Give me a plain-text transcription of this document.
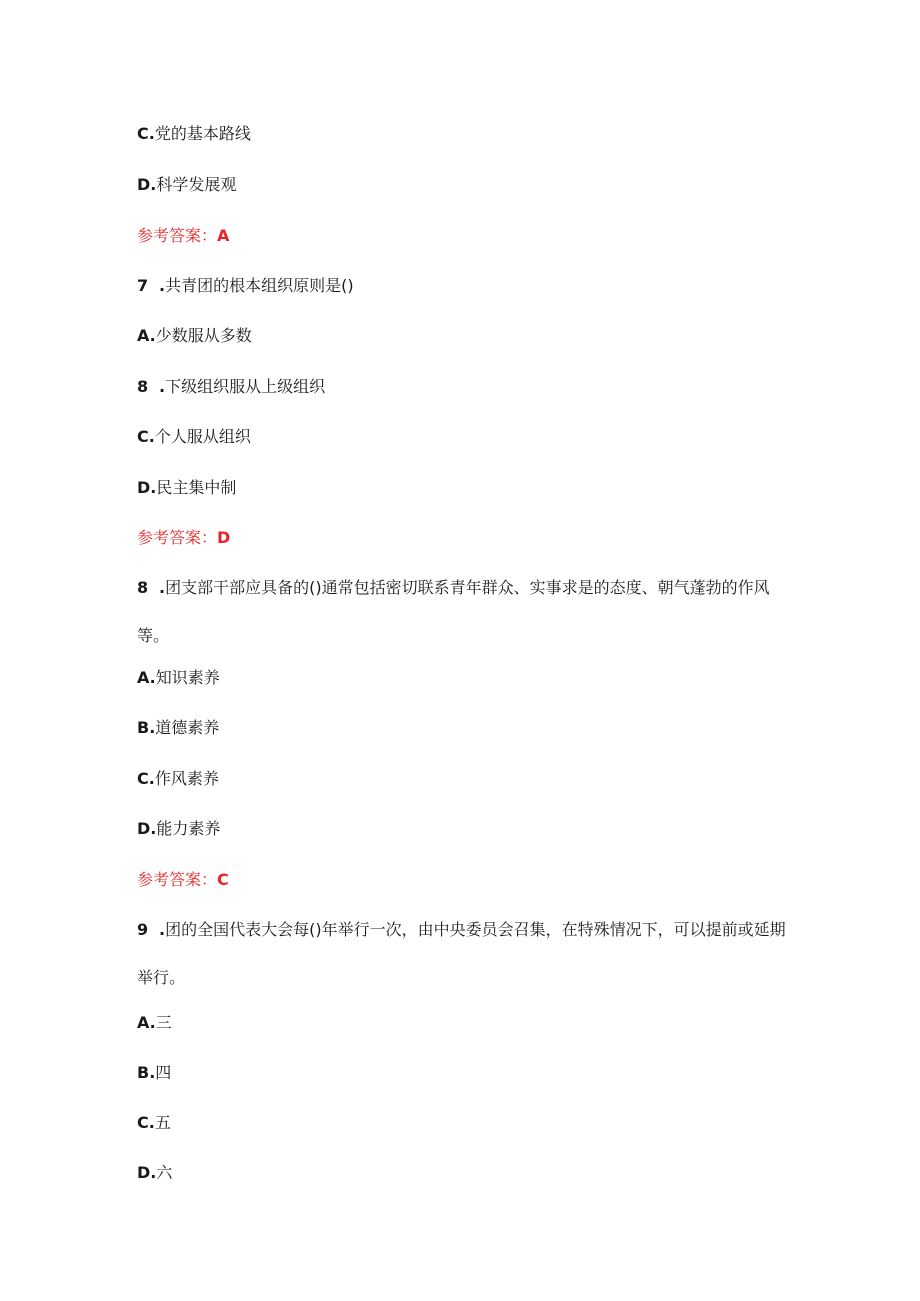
C.党的基本路线
D.科学发展观
参考答案：A
7 .共青团的根本组织原则是()
A.少数服从多数
8 .下级组织服从上级组织
C.个人服从组织
D.民主集中制
参考答案：D
8 .团支部干部应具备的()通常包括密切联系青年群众、实事求是的态度、朝气蓬勃的作风等。
A.知识素养
B.道德素养
C.作风素养
D.能力素养
参考答案：C
9 .团的全国代表大会每()年举行一次，由中央委员会召集，在特殊情况下，可以提前或延期举行。
A.三
B.四
C.五
D.六
